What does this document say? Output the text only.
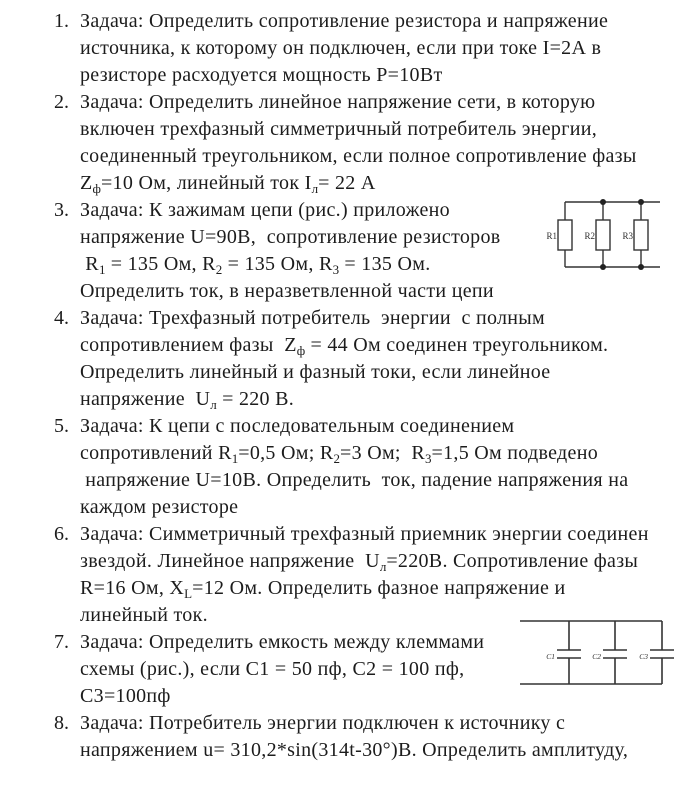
1. Задача: Определить сопротивление резистора и напряжение
источника, к которому он подключен, если при токе I=2А в
резисторе расходуется мощность Р=10Вт
2. Задача: Определить линейное напряжение сети, в которую
включен трехфазный симметричный потребитель энергии,
соединенный треугольником, если полное сопротивление фазы
$Z_ф=10$ Ом, линейный ток $I_л= 22$ А
3. Задача: К зажимам цепи (рис.) приложено
напряжение U=90В,  сопротивление резисторов
$R_1 = 135$ Ом, $R_2 = 135$ Ом, $R_3 = 135$ Ом.
Определить ток, в неразветвленной части цепи
4. Задача: Трехфазный потребитель  энергии  с полным
сопротивлением фазы  $Z_ф = 44$ Ом соединен треугольником.
Определить линейный и фазный токи, если линейное
напряжение  $U_л = 220$ В.
5. Задача: К цепи с последовательным соединением
сопротивлений $R_1=0,5$ Ом; $R_2=3$ Ом;  $R_3=1,5$ Ом подведено
напряжение U=10В. Определить  ток, падение напряжения на
каждом резисторе
6. Задача: Симметричный трехфазный приемник энергии соединен
звездой. Линейное напряжение  $U_л=220В$. Сопротивление фазы
R=16 Ом, $X_L=12$ Ом. Определить фазное напряжение и
линейный ток.
7. Задача: Определить емкость между клеммами
схемы (рис.), если С1 = 50 пф, С2 = 100 пф,
С3=100пф
8. Задача: Потребитель энергии подключен к источнику с
напряжением u= 310,2*sin(314t-30°)В. Определить амплитуду,
R1	R2	R3
C1	C2	C3
